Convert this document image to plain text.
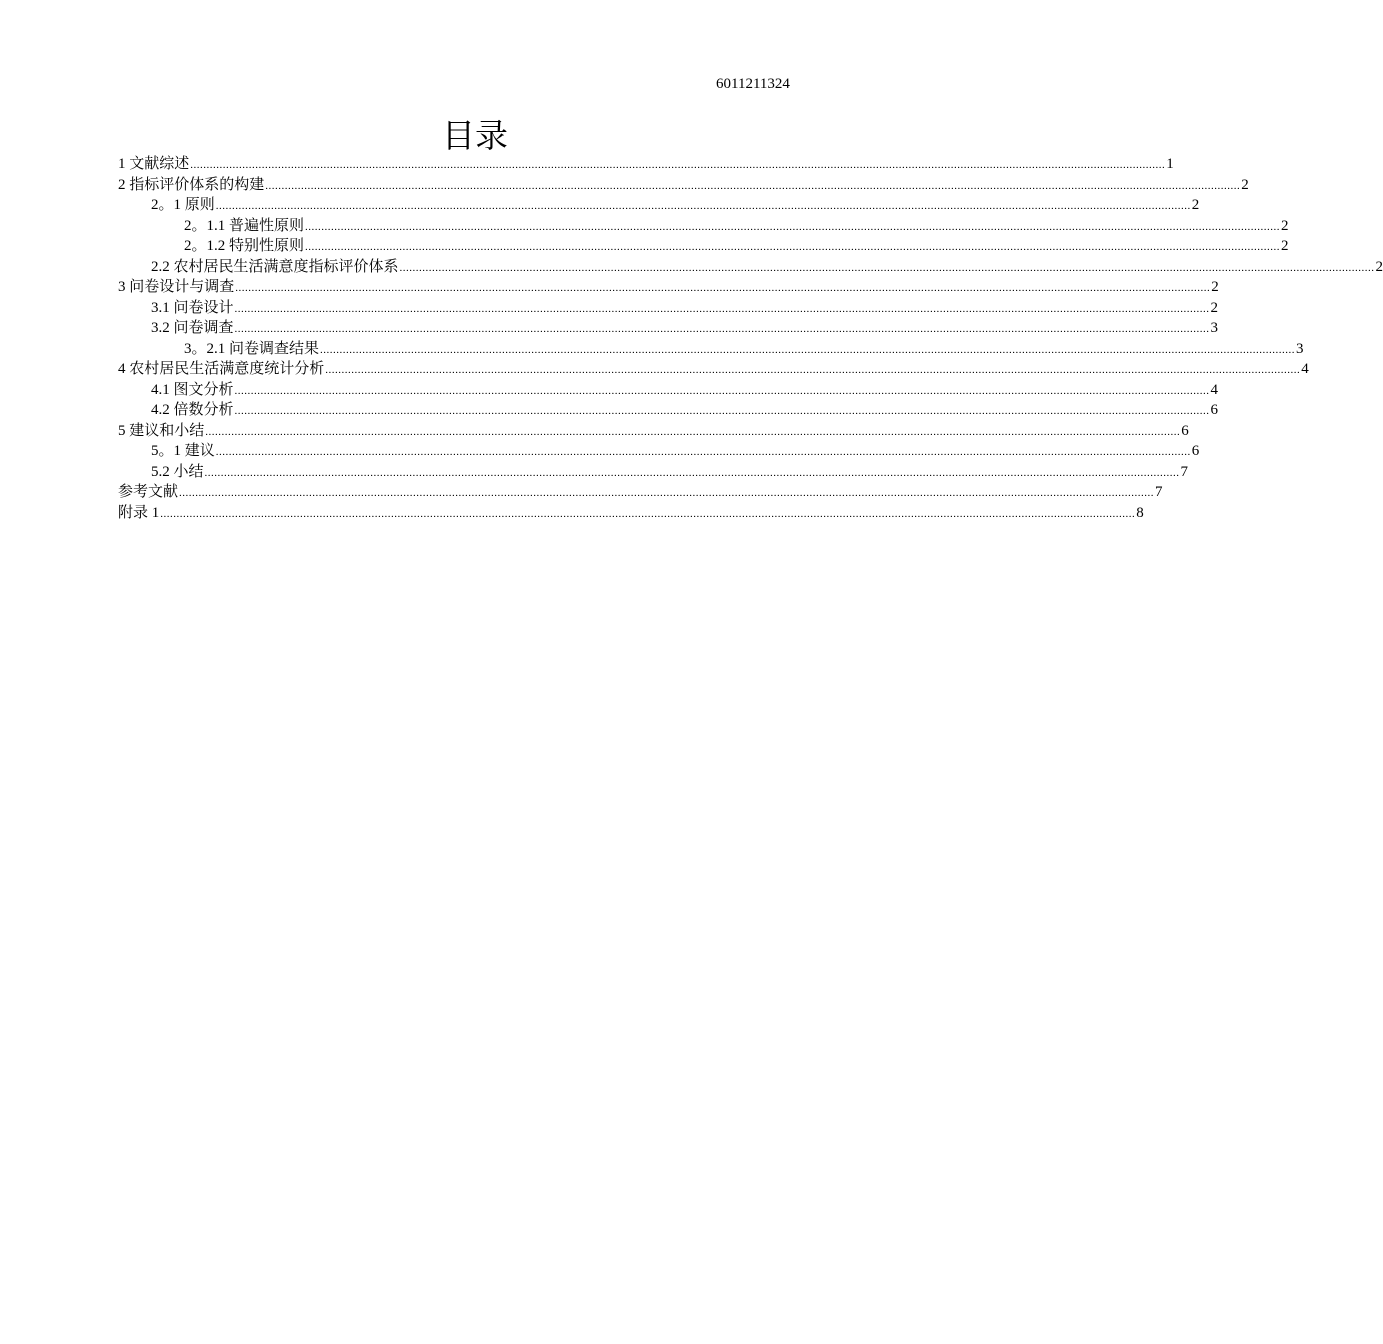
6011211324
目录
1 文献综述 ............................................................................................................................................................................................................................................................................................................ 1
2 指标评价体系的构建 ............................................................................................................................................................................................................................................................................................................ 2
2。1 原则 ............................................................................................................................................................................................................................................................................................................ 2
2。1.1 普遍性原则 ............................................................................................................................................................................................................................................................................................................ 2
2。1.2 特别性原则 ............................................................................................................................................................................................................................................................................................................ 2
2.2 农村居民生活满意度指标评价体系 ............................................................................................................................................................................................................................................................................................................ 2
3 问卷设计与调查 ............................................................................................................................................................................................................................................................................................................ 2
3.1 问卷设计 ............................................................................................................................................................................................................................................................................................................ 2
3.2 问卷调查 ............................................................................................................................................................................................................................................................................................................ 3
3。2.1 问卷调查结果 ............................................................................................................................................................................................................................................................................................................ 3
4 农村居民生活满意度统计分析 ............................................................................................................................................................................................................................................................................................................ 4
4.1 图文分析 ............................................................................................................................................................................................................................................................................................................ 4
4.2 倍数分析 ............................................................................................................................................................................................................................................................................................................ 6
5 建议和小结 ............................................................................................................................................................................................................................................................................................................ 6
5。1 建议 ............................................................................................................................................................................................................................................................................................................ 6
5.2 小结 ............................................................................................................................................................................................................................................................................................................ 7
参考文献 ............................................................................................................................................................................................................................................................................................................ 7
附录 1 ............................................................................................................................................................................................................................................................................................................ 8
